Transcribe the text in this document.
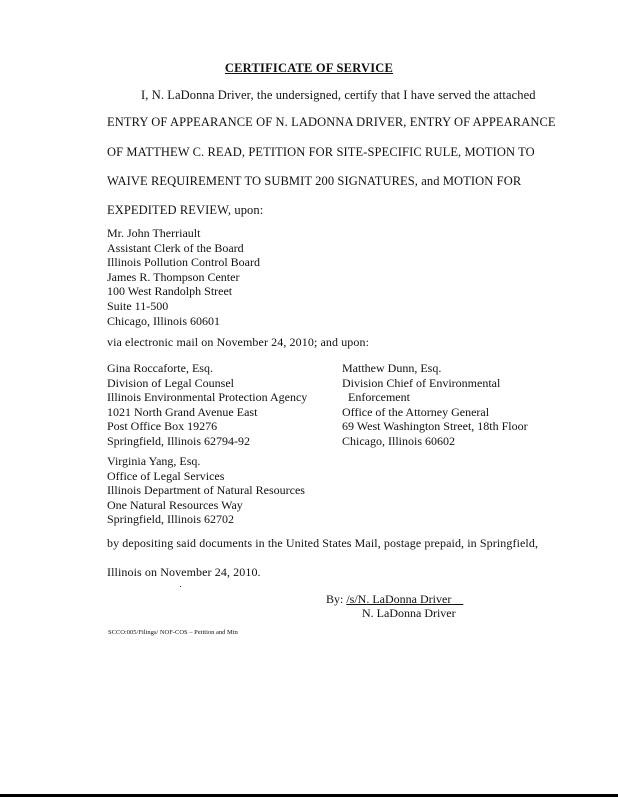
CERTIFICATE OF SERVICE
I, N. LaDonna Driver, the undersigned, certify that I have served the attached
ENTRY OF APPEARANCE OF N. LADONNA DRIVER, ENTRY OF APPEARANCE
OF MATTHEW C. READ, PETITION FOR SITE-SPECIFIC RULE, MOTION TO
WAIVE REQUIREMENT TO SUBMIT 200 SIGNATURES, and MOTION FOR
EXPEDITED REVIEW, upon:
Mr. John Therriault
Assistant Clerk of the Board
Illinois Pollution Control Board
James R. Thompson Center
100 West Randolph Street
Suite 11-500
Chicago, Illinois 60601
via electronic mail on November 24, 2010; and upon:
Gina Roccaforte, Esq.
Division of Legal Counsel
Illinois Environmental Protection Agency
1021 North Grand Avenue East
Post Office Box 19276
Springfield, Illinois 62794-92
Matthew Dunn, Esq.
Division Chief of Environmental
Enforcement
Office of the Attorney General
69 West Washington Street, 18th Floor
Chicago, Illinois 60602
Virginia Yang, Esq.
Office of Legal Services
Illinois Department of Natural Resources
One Natural Resources Way
Springfield, Illinois 62702
by depositing said documents in the United States Mail, postage prepaid, in Springfield,
Illinois on November 24, 2010.
By: /s/N. LaDonna Driver
N. LaDonna Driver
SCCO:005/Filings/ NOF-COS – Petition and Mtn
